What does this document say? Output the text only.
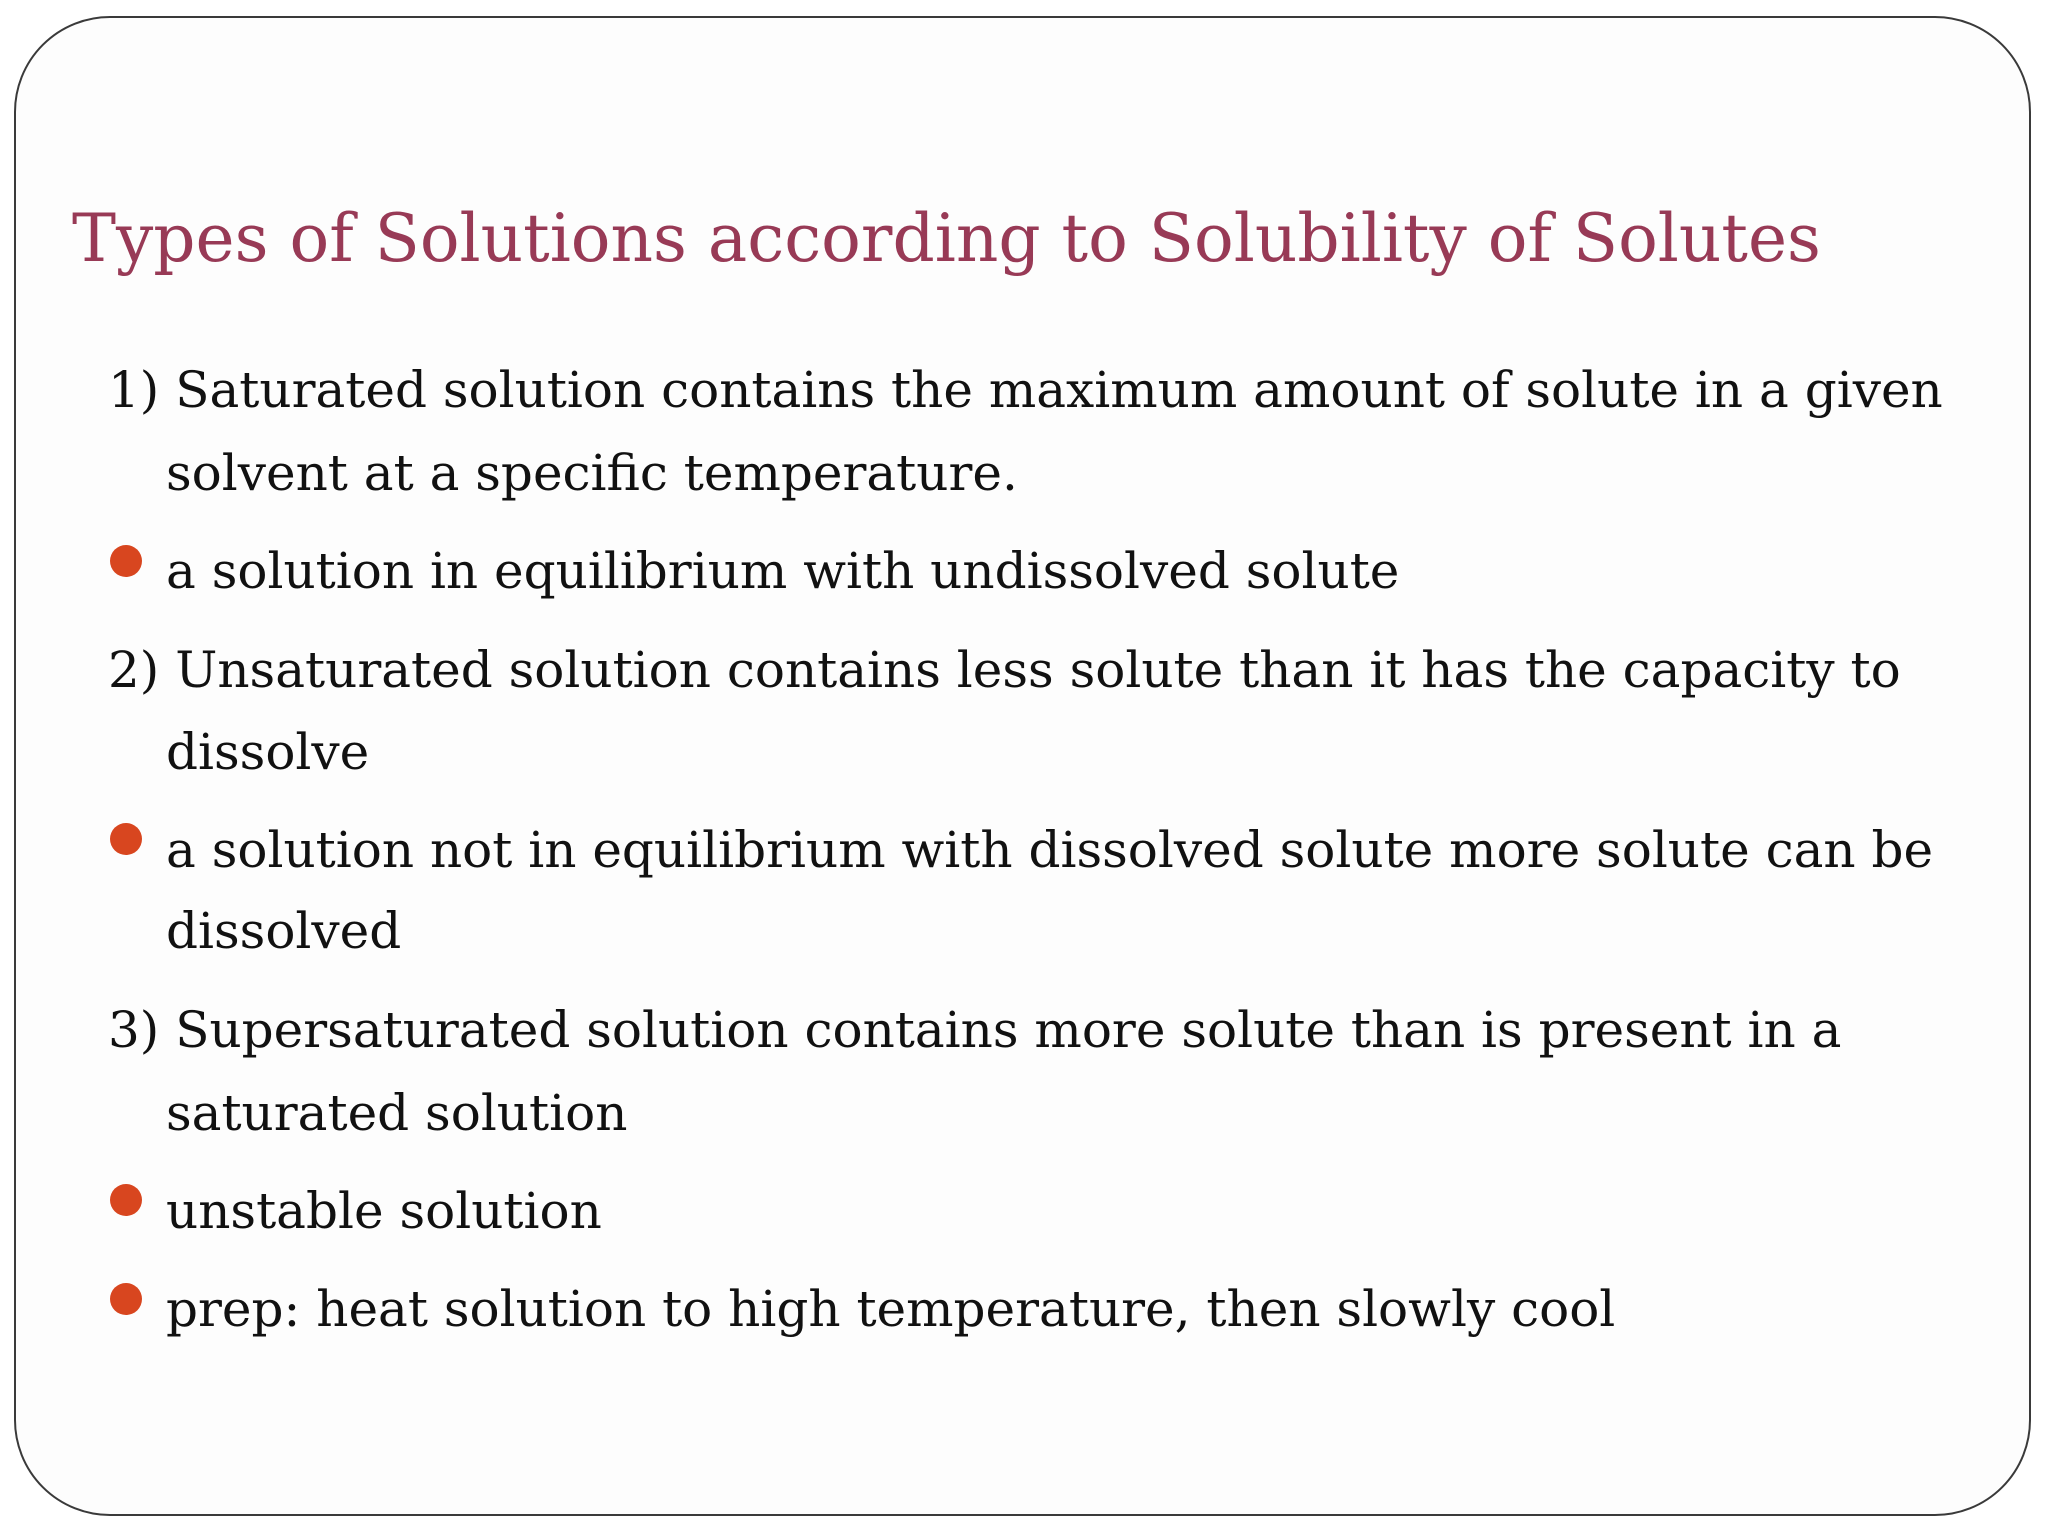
Types of Solutions according to Solubility of Solutes

1) Saturated solution contains the maximum amount of solute in a given

solvent at a specific temperature.

a solution in equilibrium with undissolved solute

2) Unsaturated solution contains less solute than it has the capacity to

dissolve

a solution not in equilibrium with dissolved solute more solute can be

dissolved

3) Supersaturated solution contains more solute than is present in a

saturated solution

unstable solution

prep: heat solution to high temperature, then slowly cool
